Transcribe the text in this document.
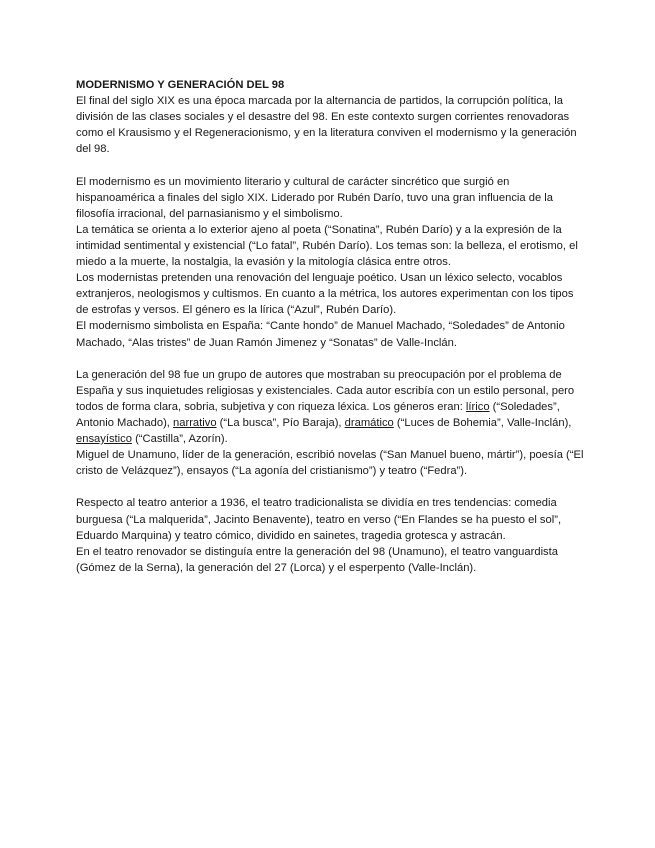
MODERNISMO Y GENERACIÓN DEL 98

El final del siglo XIX es una época marcada por la alternancia de partidos, la corrupción política, la división de las clases sociales y el desastre del 98. En este contexto surgen corrientes renovadoras como el Krausismo y el Regeneracionismo, y en la literatura conviven el modernismo y la generación del 98.

El modernismo es un movimiento literario y cultural de carácter sincrético que surgió en hispanoamérica a finales del siglo XIX. Liderado por Rubén Darío, tuvo una gran influencia de la filosofía irracional, del parnasianismo y el simbolismo.

La temática se orienta a lo exterior ajeno al poeta (“Sonatina”, Rubén Darío) y a la expresión de la intimidad sentimental y existencial (“Lo fatal”, Rubén Darío). Los temas son: la belleza, el erotismo, el miedo a la muerte, la nostalgia, la evasión y la mitología clásica entre otros.

Los modernistas pretenden una renovación del lenguaje poético. Usan un léxico selecto, vocablos extranjeros, neologismos y cultismos. En cuanto a la métrica, los autores experimentan con los tipos de estrofas y versos. El género es la lírica (“Azul”, Rubén Darío).

El modernismo simbolista en España: “Cante hondo” de Manuel Machado, “Soledades” de Antonio Machado, “Alas tristes” de Juan Ramón Jimenez y “Sonatas” de Valle-Inclán.

La generación del 98 fue un grupo de autores que mostraban su preocupación por el problema de España y sus inquietudes religiosas y existenciales. Cada autor escribía con un estilo personal, pero todos de forma clara, sobria, subjetiva y con riqueza léxica. Los géneros eran: lírico (“Soledades”, Antonio Machado), narrativo (“La busca”, Pío Baraja), dramático (“Luces de Bohemia”, Valle-Inclán), ensayístico (“Castilla”, Azorín).

Miguel de Unamuno, líder de la generación, escribió novelas (“San Manuel bueno, mártir”), poesía (“El cristo de Velázquez”), ensayos (“La agonía del cristianismo”) y teatro (“Fedra”).

Respecto al teatro anterior a 1936, el teatro tradicionalista se dividía en tres tendencias: comedia burguesa (“La malquerida”, Jacinto Benavente), teatro en verso (“En Flandes se ha puesto el sol”, Eduardo Marquina) y teatro cómico, dividido en sainetes, tragedia grotesca y astracán.

En el teatro renovador se distinguía entre la generación del 98 (Unamuno), el teatro vanguardista (Gómez de la Serna), la generación del 27 (Lorca) y el esperpento (Valle-Inclán).
